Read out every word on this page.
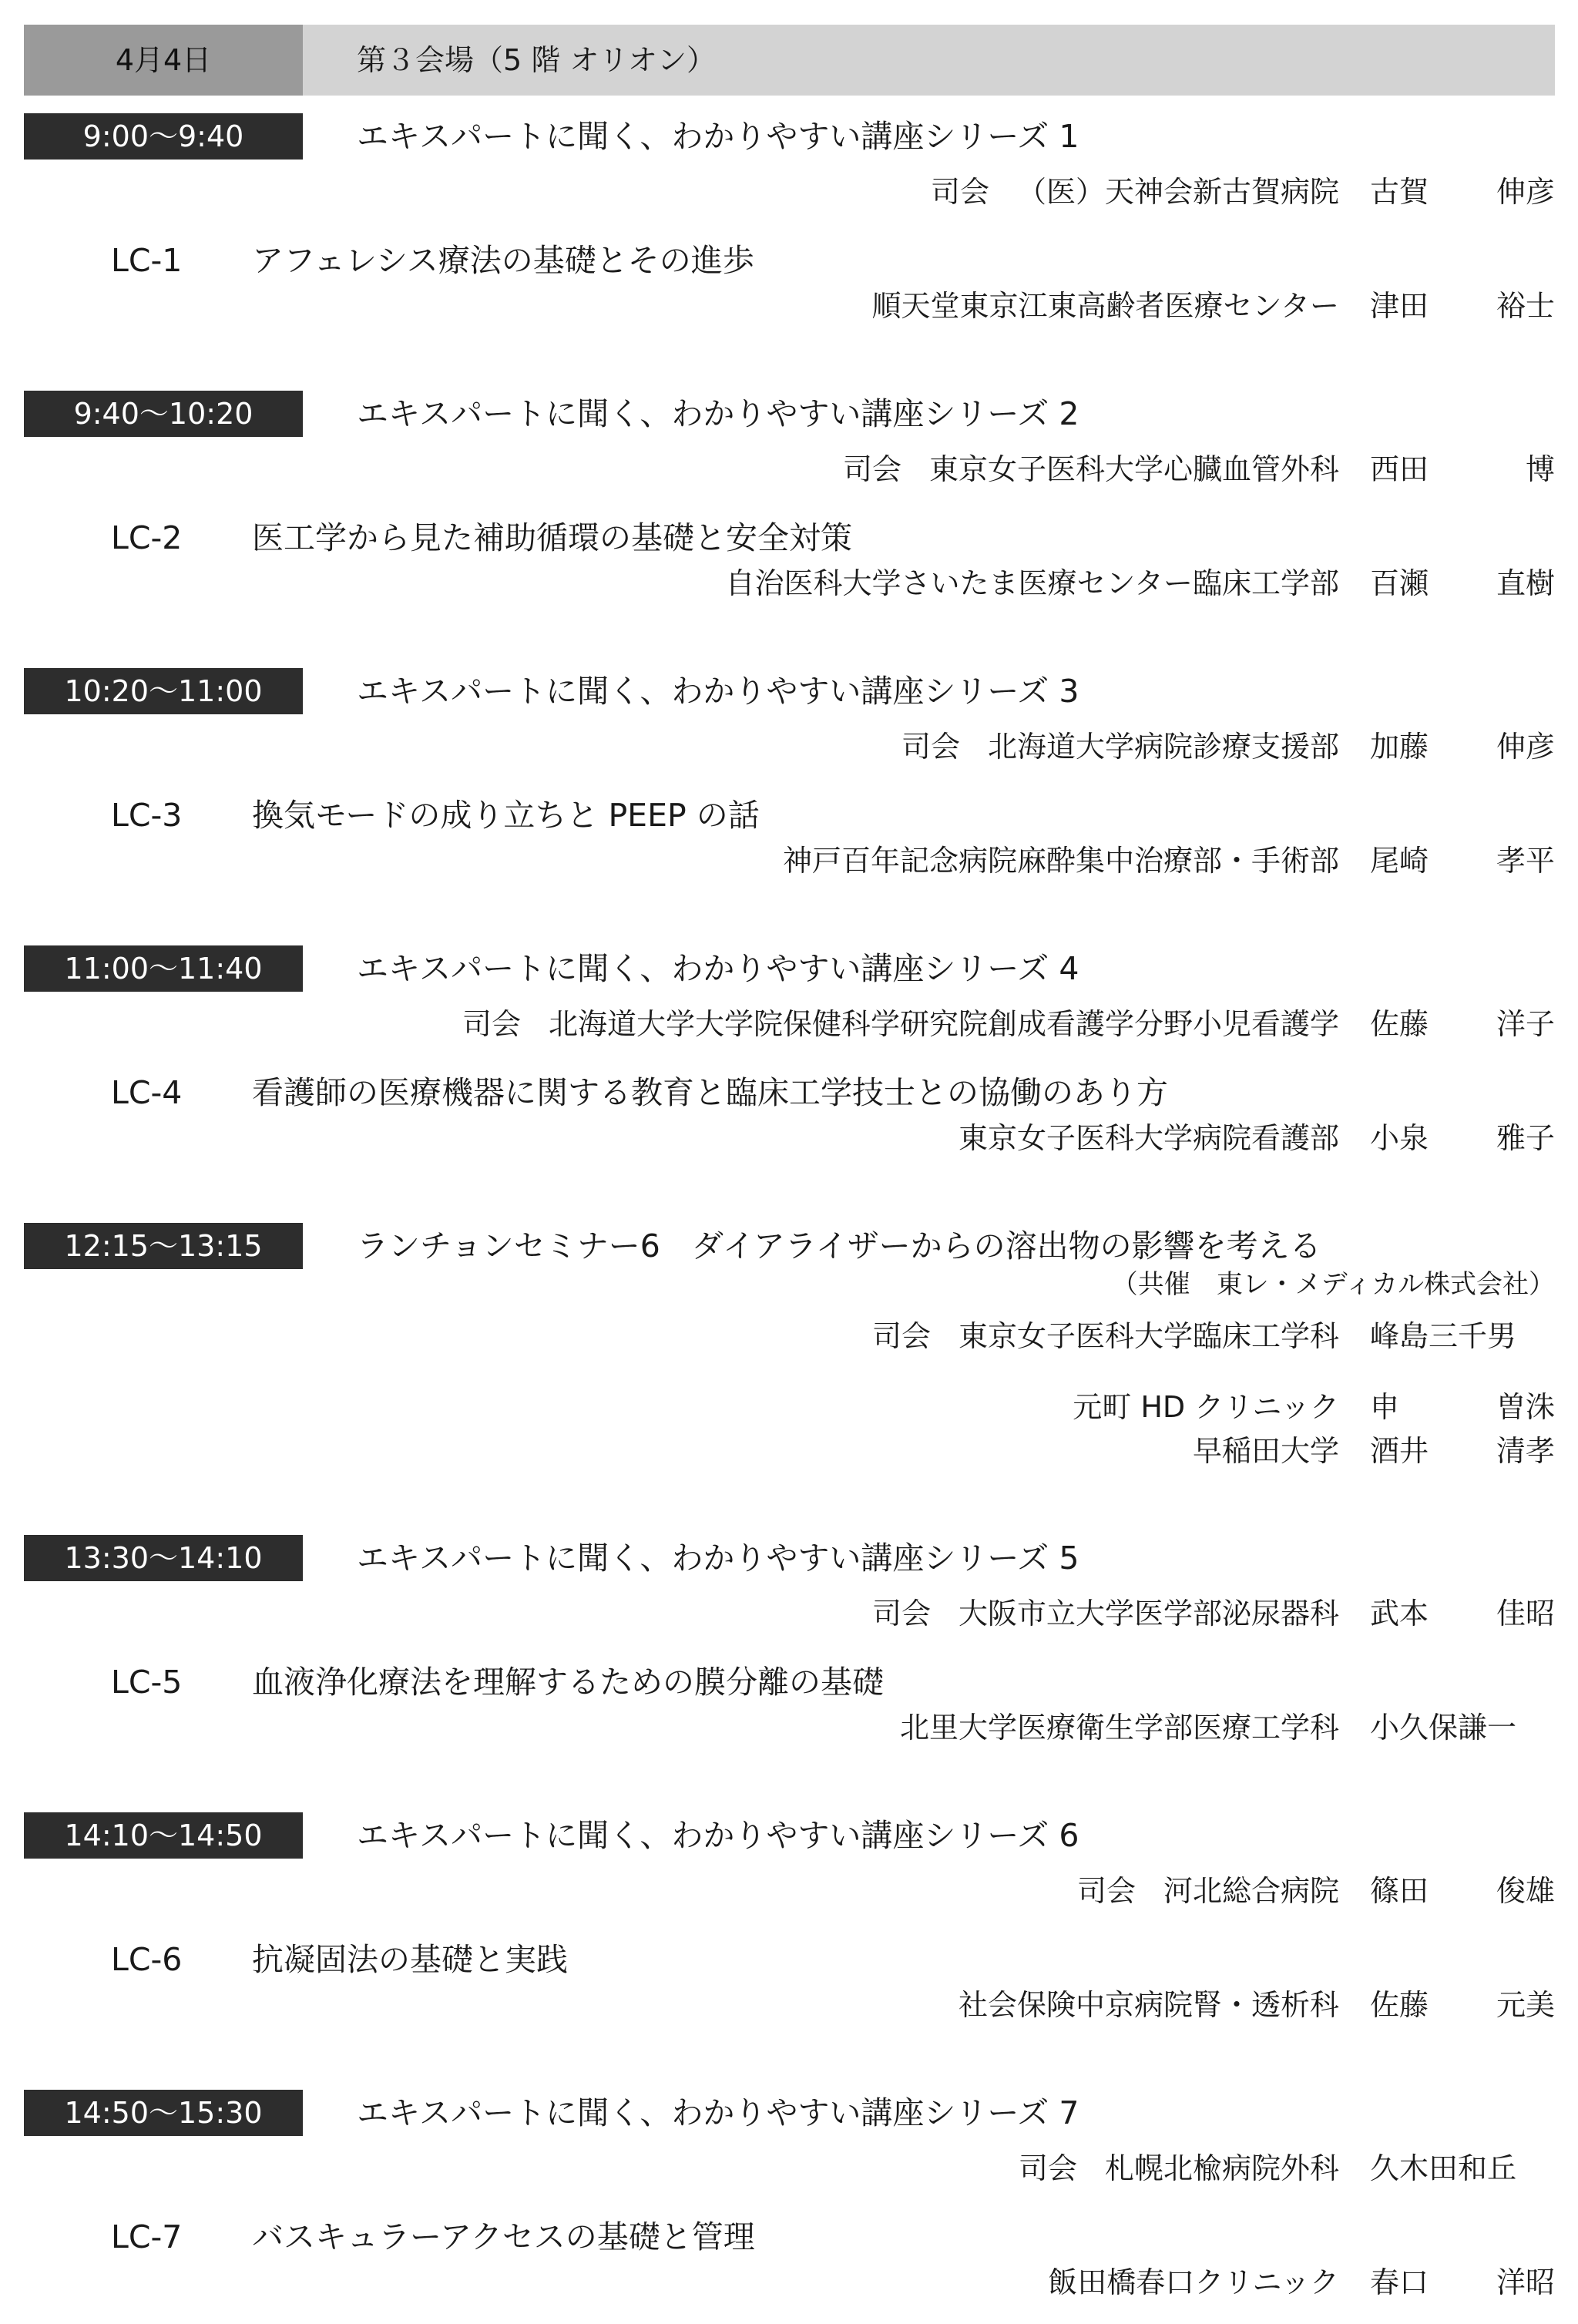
4月4日	第３会場（5 階 オリオン）
9:00〜9:40	エキスパートに聞く、わかりやすい講座シリーズ 1
司会 （医）天神会新古賀病院 古賀 伸彦
LC-1 アフェレシス療法の基礎とその進歩
順天堂東京江東高齢者医療センター 津田 裕士
9:40〜10:20	エキスパートに聞く、わかりやすい講座シリーズ 2
司会 東京女子医科大学心臓血管外科 西田	博
LC-2 医工学から見た補助循環の基礎と安全対策
自治医科大学さいたま医療センター臨床工学部 百瀬 直樹
10:20〜11:00	エキスパートに聞く、わかりやすい講座シリーズ 3
司会 北海道大学病院診療支援部 加藤 伸彦
LC-3 換気モードの成り立ちと PEEP の話
神戸百年記念病院麻酔集中治療部・手術部 尾崎 孝平
11:00〜11:40	エキスパートに聞く、わかりやすい講座シリーズ 4
司会 北海道大学大学院保健科学研究院創成看護学分野小児看護学 佐藤 洋子
LC-4 看護師の医療機器に関する教育と臨床工学技士との協働のあり方
東京女子医科大学病院看護部 小泉 雅子
12:15〜13:15	ランチョンセミナー6　ダイアライザーからの溶出物の影響を考える
（共催　東レ・メディカル株式会社）
司会 東京女子医科大学臨床工学科 峰島三千男
元町 HD クリニック 申	曽洙
早稲田大学 酒井 清孝
13:30〜14:10	エキスパートに聞く、わかりやすい講座シリーズ 5
司会 大阪市立大学医学部泌尿器科 武本 佳昭
LC-5 血液浄化療法を理解するための膜分離の基礎
北里大学医療衛生学部医療工学科 小久保謙一
14:10〜14:50	エキスパートに聞く、わかりやすい講座シリーズ 6
司会 河北総合病院 篠田 俊雄
LC-6 抗凝固法の基礎と実践
社会保険中京病院腎・透析科 佐藤 元美
14:50〜15:30	エキスパートに聞く、わかりやすい講座シリーズ 7
司会 札幌北楡病院外科 久木田和丘
LC-7 バスキュラーアクセスの基礎と管理
飯田橋春口クリニック 春口 洋昭
